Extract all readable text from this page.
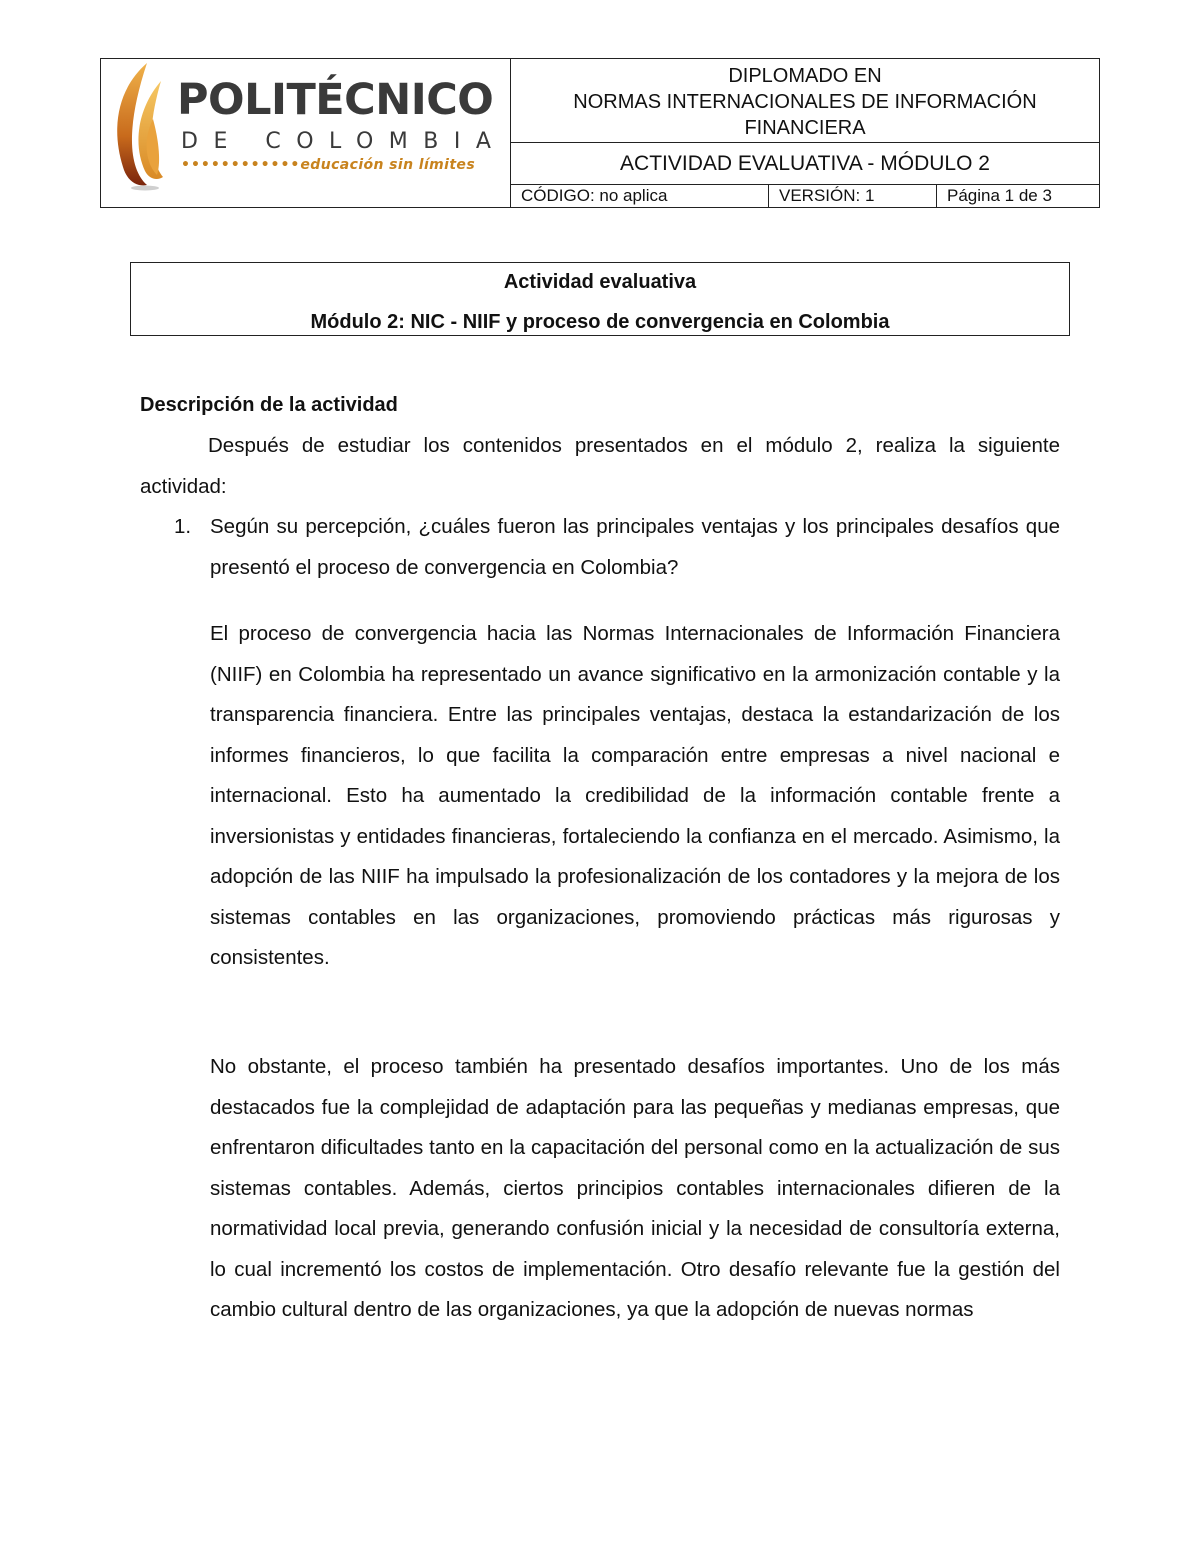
POLITÉCNICO
DE COLOMBIA
••••••••••••educación sin límites
DIPLOMADO EN
NORMAS INTERNACIONALES DE INFORMACIÓN
FINANCIERA
ACTIVIDAD EVALUATIVA - MÓDULO 2
CÓDIGO: no aplica	VERSIÓN: 1	Página 1 de 3
Actividad evaluativa
Módulo 2: NIC - NIIF y proceso de convergencia en Colombia
Descripción de la actividad
Después de estudiar los contenidos presentados en el módulo 2, realiza la siguiente actividad:
1. Según su percepción, ¿cuáles fueron las principales ventajas y los principales desafíos que presentó el proceso de convergencia en Colombia?
El proceso de convergencia hacia las Normas Internacionales de Información Financiera (NIIF) en Colombia ha representado un avance significativo en la armonización contable y la transparencia financiera. Entre las principales ventajas, destaca la estandarización de los informes financieros, lo que facilita la comparación entre empresas a nivel nacional e internacional. Esto ha aumentado la credibilidad de la información contable frente a inversionistas y entidades financieras, fortaleciendo la confianza en el mercado. Asimismo, la adopción de las NIIF ha impulsado la profesionalización de los contadores y la mejora de los sistemas contables en las organizaciones, promoviendo prácticas más rigurosas y consistentes.
No obstante, el proceso también ha presentado desafíos importantes. Uno de los más destacados fue la complejidad de adaptación para las pequeñas y medianas empresas, que enfrentaron dificultades tanto en la capacitación del personal como en la actualización de sus sistemas contables. Además, ciertos principios contables internacionales difieren de la normatividad local previa, generando confusión inicial y la necesidad de consultoría externa, lo cual incrementó los costos de implementación. Otro desafío relevante fue la gestión del cambio cultural dentro de las organizaciones, ya que la adopción de nuevas normas
